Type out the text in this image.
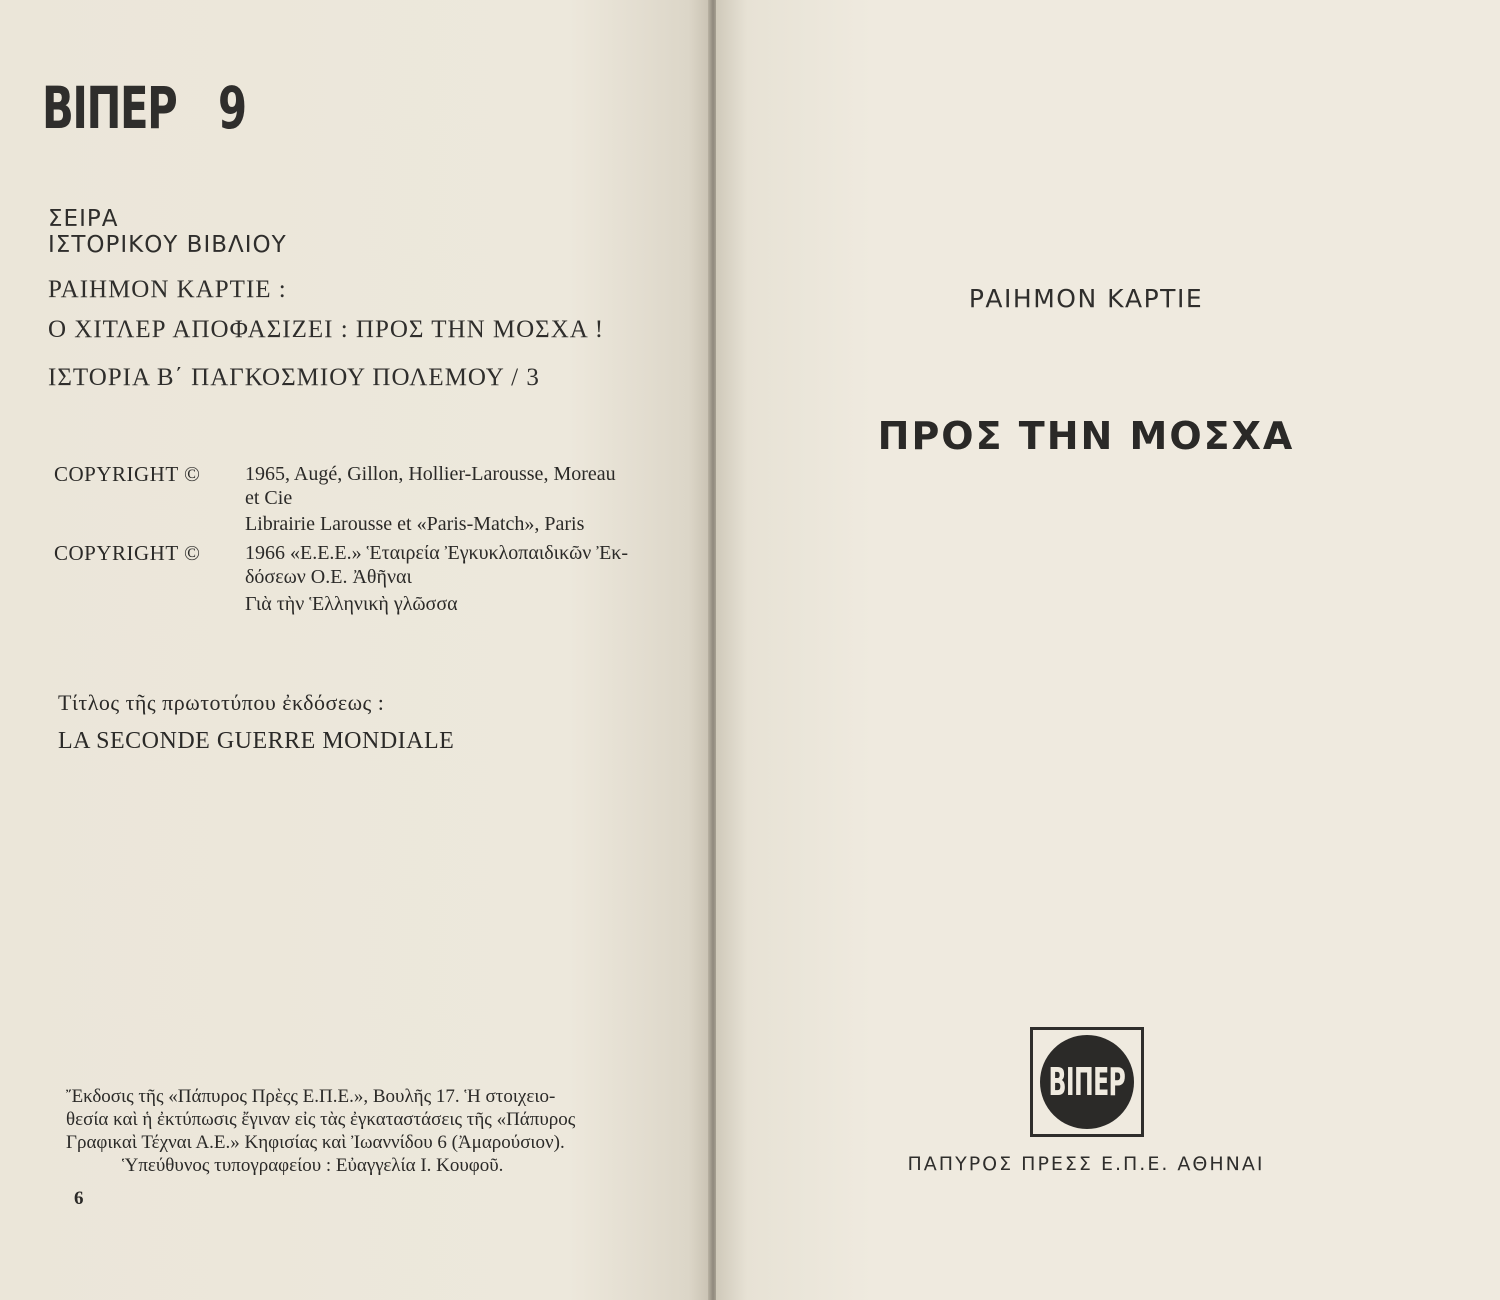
ΒΙΠΕΡ 9
ΣΕΙΡΑ
ΙΣΤΟΡΙΚΟΥ ΒΙΒΛΙΟΥ
ΡΑΙΗΜΟΝ ΚΑΡΤΙΕ :
Ο ΧΙΤΛΕΡ ΑΠΟΦΑΣΙΖΕΙ : ΠΡΟΣ ΤΗΝ ΜΟΣΧΑ !
ΙΣΤΟΡΙΑ Β΄ ΠΑΓΚΟΣΜΙΟΥ ΠΟΛΕΜΟΥ / 3
COPYRIGHT © 1965, Augé, Gillon, Hollier-Larousse, Moreau
et Cie
Librairie Larousse et «Paris-Match», Paris
COPYRIGHT © 1966 «Ε.Ε.Ε.» Ἑταιρεία Ἐγκυκλοπαιδικῶν Ἐκ-
δόσεων Ο.Ε. Ἀθῆναι
Γιὰ τὴν Ἑλληνικὴ γλῶσσα
Τίτλος τῆς πρωτοτύπου ἐκδόσεως :
LA SECONDE GUERRE MONDIALE
Ἔκδοσις τῆς «Πάπυρος Πρὲςς Ε.Π.Ε.», Βουλῆς 17. Ἡ στοιχειο-
θεσία καὶ ἡ ἐκτύπωσις ἔγιναν εἰς τὰς ἐγκαταστάσεις τῆς «Πάπυρος
Γραφικαὶ Τέχναι Α.Ε.» Κηφισίας καὶ Ἰωαννίδου 6 (Ἀμαρούσιον).
Ὑπεύθυνος τυπογραφείου : Εὐαγγελία Ι. Κουφοῦ.
6
ΡΑΙΗΜΟΝ ΚΑΡΤΙΕ
ΠΡΟΣ ΤΗΝ ΜΟΣΧΑ
ΒΙΠΕΡ
ΠΑΠΥΡΟΣ ΠΡΕΣΣ Ε.Π.Ε. ΑΘΗΝΑΙ
